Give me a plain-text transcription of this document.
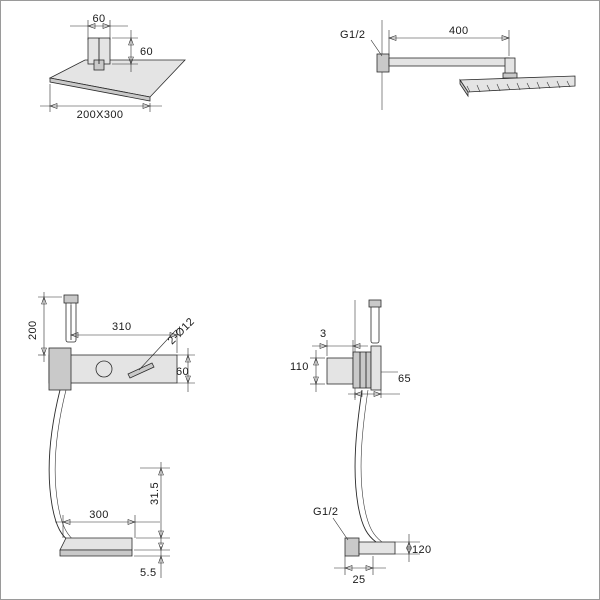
60
60
200X300
G1/2	400
200	310	2-Ø12
60
3
110
65
31.5
300
5.5
G1/2
120
25
